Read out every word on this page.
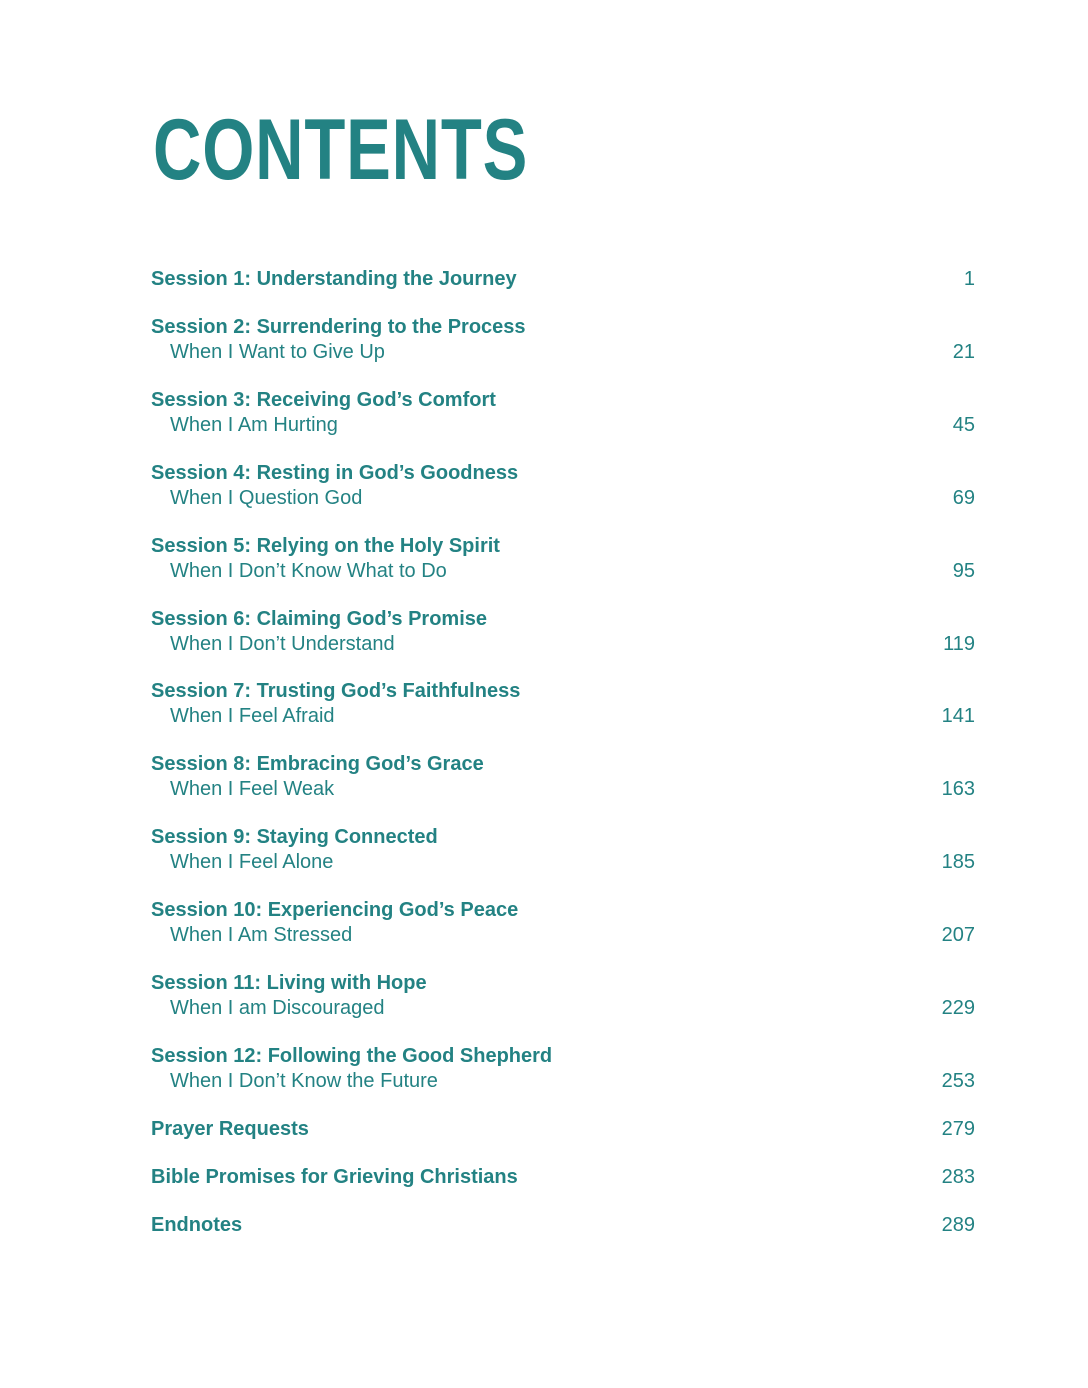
CONTENTS
Session 1: Understanding the Journey	1
Session 2: Surrendering to the Process
When I Want to Give Up	21
Session 3: Receiving God’s Comfort
When I Am Hurting	45
Session 4: Resting in God’s Goodness
When I Question God	69
Session 5: Relying on the Holy Spirit
When I Don’t Know What to Do	95
Session 6: Claiming God’s Promise
When I Don’t Understand	119
Session 7: Trusting God’s Faithfulness
When I Feel Afraid	141
Session 8: Embracing God’s Grace
When I Feel Weak	163
Session 9: Staying Connected
When I Feel Alone	185
Session 10: Experiencing God’s Peace
When I Am Stressed	207
Session 11: Living with Hope
When I am Discouraged	229
Session 12: Following the Good Shepherd
When I Don’t Know the Future	253
Prayer Requests	279
Bible Promises for Grieving Christians	283
Endnotes	289
